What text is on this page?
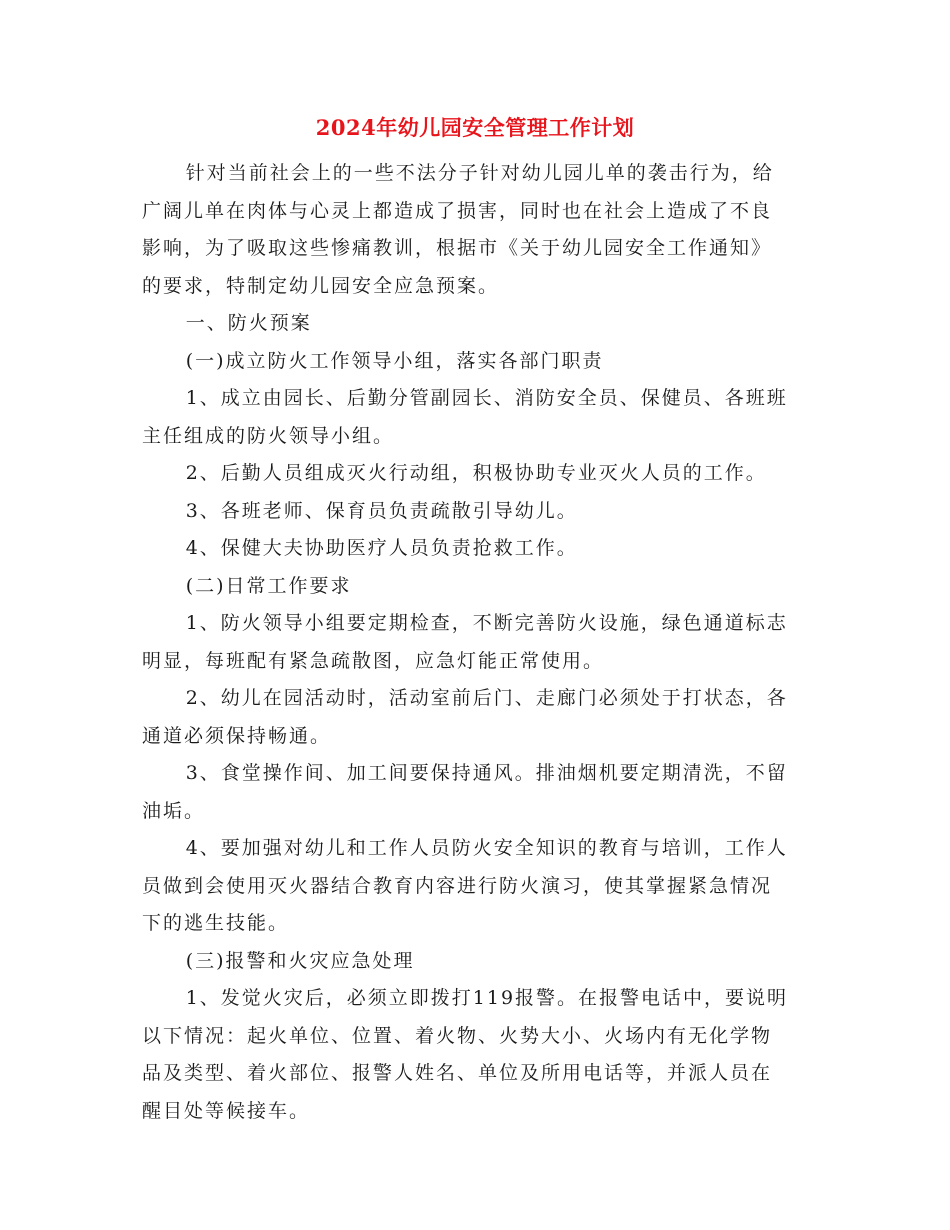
2024年幼儿园安全管理工作计划
针对当前社会上的一些不法分子针对幼儿园儿单的袭击行为，给
广阔儿单在肉体与心灵上都造成了损害，同时也在社会上造成了不良
影响，为了吸取这些惨痛教训，根据市《关于幼儿园安全工作通知》
的要求，特制定幼儿园安全应急预案。
一、防火预案
(一)成立防火工作领导小组，落实各部门职责
1、成立由园长、后勤分管副园长、消防安全员、保健员、各班班
主任组成的防火领导小组。
2、后勤人员组成灭火行动组，积极协助专业灭火人员的工作。
3、各班老师、保育员负责疏散引导幼儿。
4、保健大夫协助医疗人员负责抢救工作。
(二)日常工作要求
1、防火领导小组要定期检查，不断完善防火设施，绿色通道标志
明显，每班配有紧急疏散图，应急灯能正常使用。
2、幼儿在园活动时，活动室前后门、走廊门必须处于打状态，各
通道必须保持畅通。
3、食堂操作间、加工间要保持通风。排油烟机要定期清洗，不留
油垢。
4、要加强对幼儿和工作人员防火安全知识的教育与培训，工作人
员做到会使用灭火器结合教育内容进行防火演习，使其掌握紧急情况
下的逃生技能。
(三)报警和火灾应急处理
1、发觉火灾后，必须立即拨打119报警。在报警电话中，要说明
以下情况：起火单位、位置、着火物、火势大小、火场内有无化学物
品及类型、着火部位、报警人姓名、单位及所用电话等，并派人员在
醒目处等候接车。
